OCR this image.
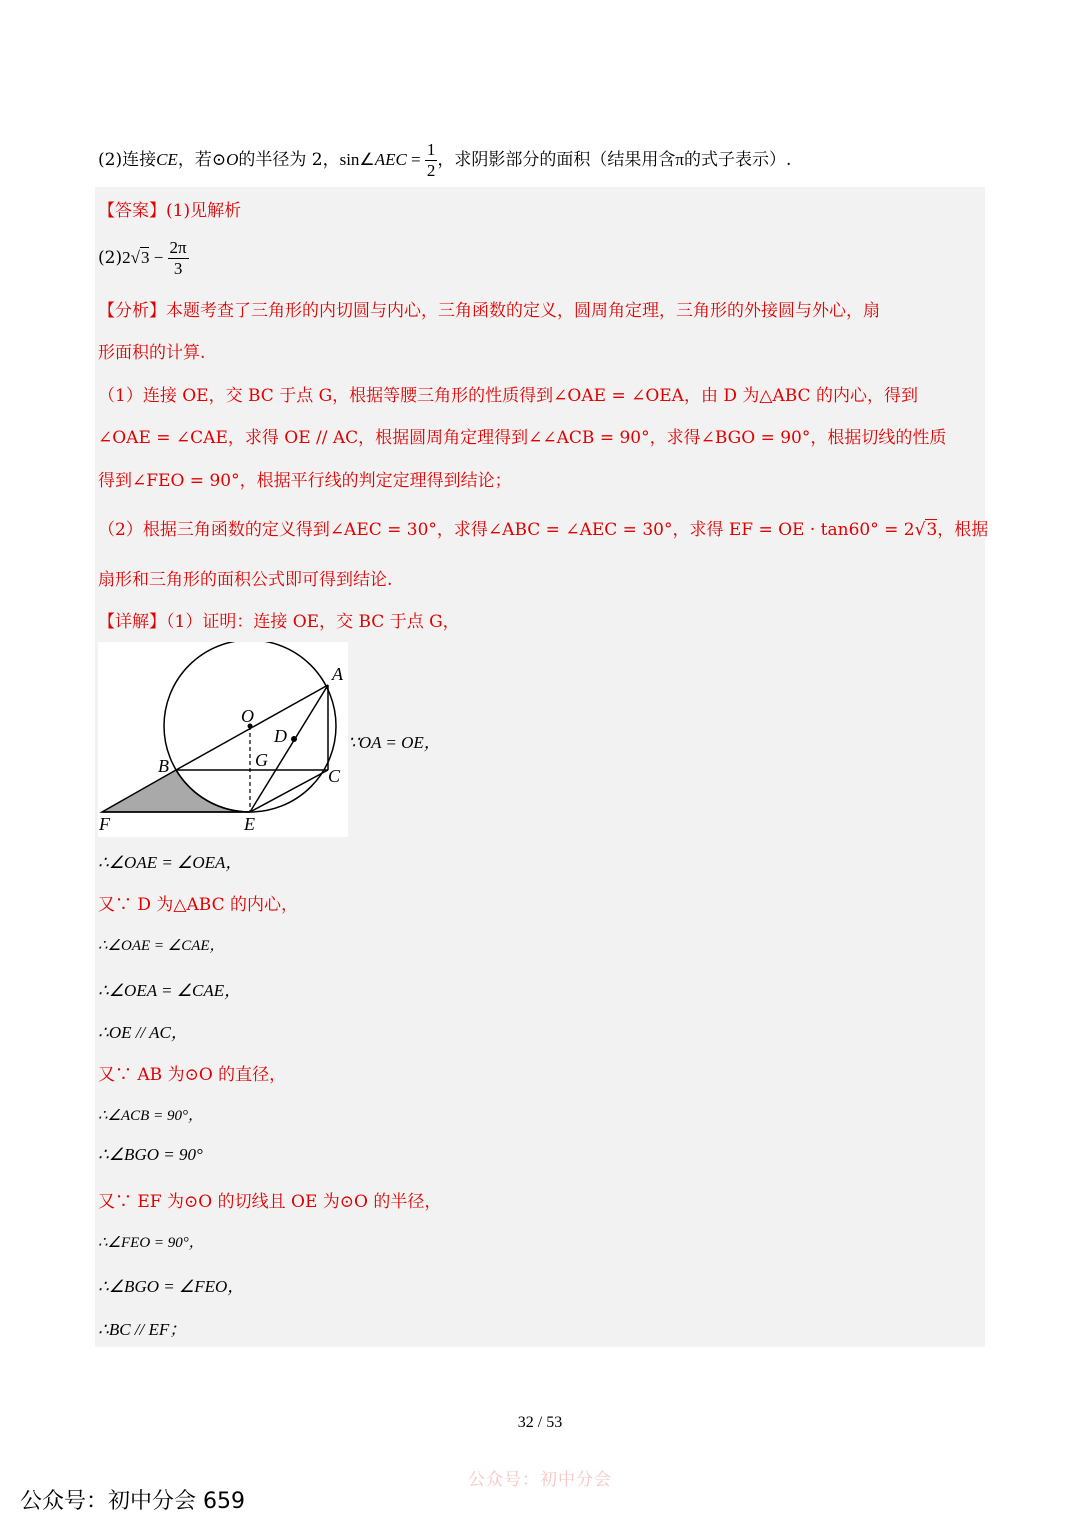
(2)连接CE，若⊙O的半径为 2，sin∠AEC = $\frac{1}{2}$ ，求阴影部分的面积（结果用含π的式子表示）.
【答案】(1)见解析
$(2)2√3 - \frac{2\pi}{3}$
【分析】本题考查了三角形的内切圆与内心，三角函数的定义，圆周角定理，三角形的外接圆与外心，扇
形面积的计算.
（1）连接 OE，交 BC 于点 G，根据等腰三角形的性质得到∠OAE = ∠OEA，由 D 为△ABC 的内心，得到
∠OAE = ∠CAE，求得 OE // AC，根据圆周角定理得到∠∠ACB = 90°，求得∠BGO = 90°，根据切线的性质
得到∠FEO = 90°，根据平行线的判定定理得到结论；
（2）根据三角函数的定义得到∠AEC = 30°，求得∠ABC = ∠AEC = 30°，求得 EF = OE · tan60° = 2√3，根据
扇形和三角形的面积公式即可得到结论.
【详解】（1）证明：连接 OE，交 BC 于点 G，
A
O
D
B	G
C
F	E
∵OA = OE，
∴∠OAE = ∠OEA，
又∵ D 为△ABC 的内心，
∴∠OAE = ∠CAE，
∴∠OEA = ∠CAE，
∴OE // AC，
又∵ AB 为⊙O 的直径，
∴∠ACB = 90°，
∴∠BGO = 90°
又∵ EF 为⊙O 的切线且 OE 为⊙O 的半径，
∴∠FEO = 90°，
∴∠BGO = ∠FEO，
∴BC // EF；
32 / 53
公众号：初中分会
公众号：初中分会 659
